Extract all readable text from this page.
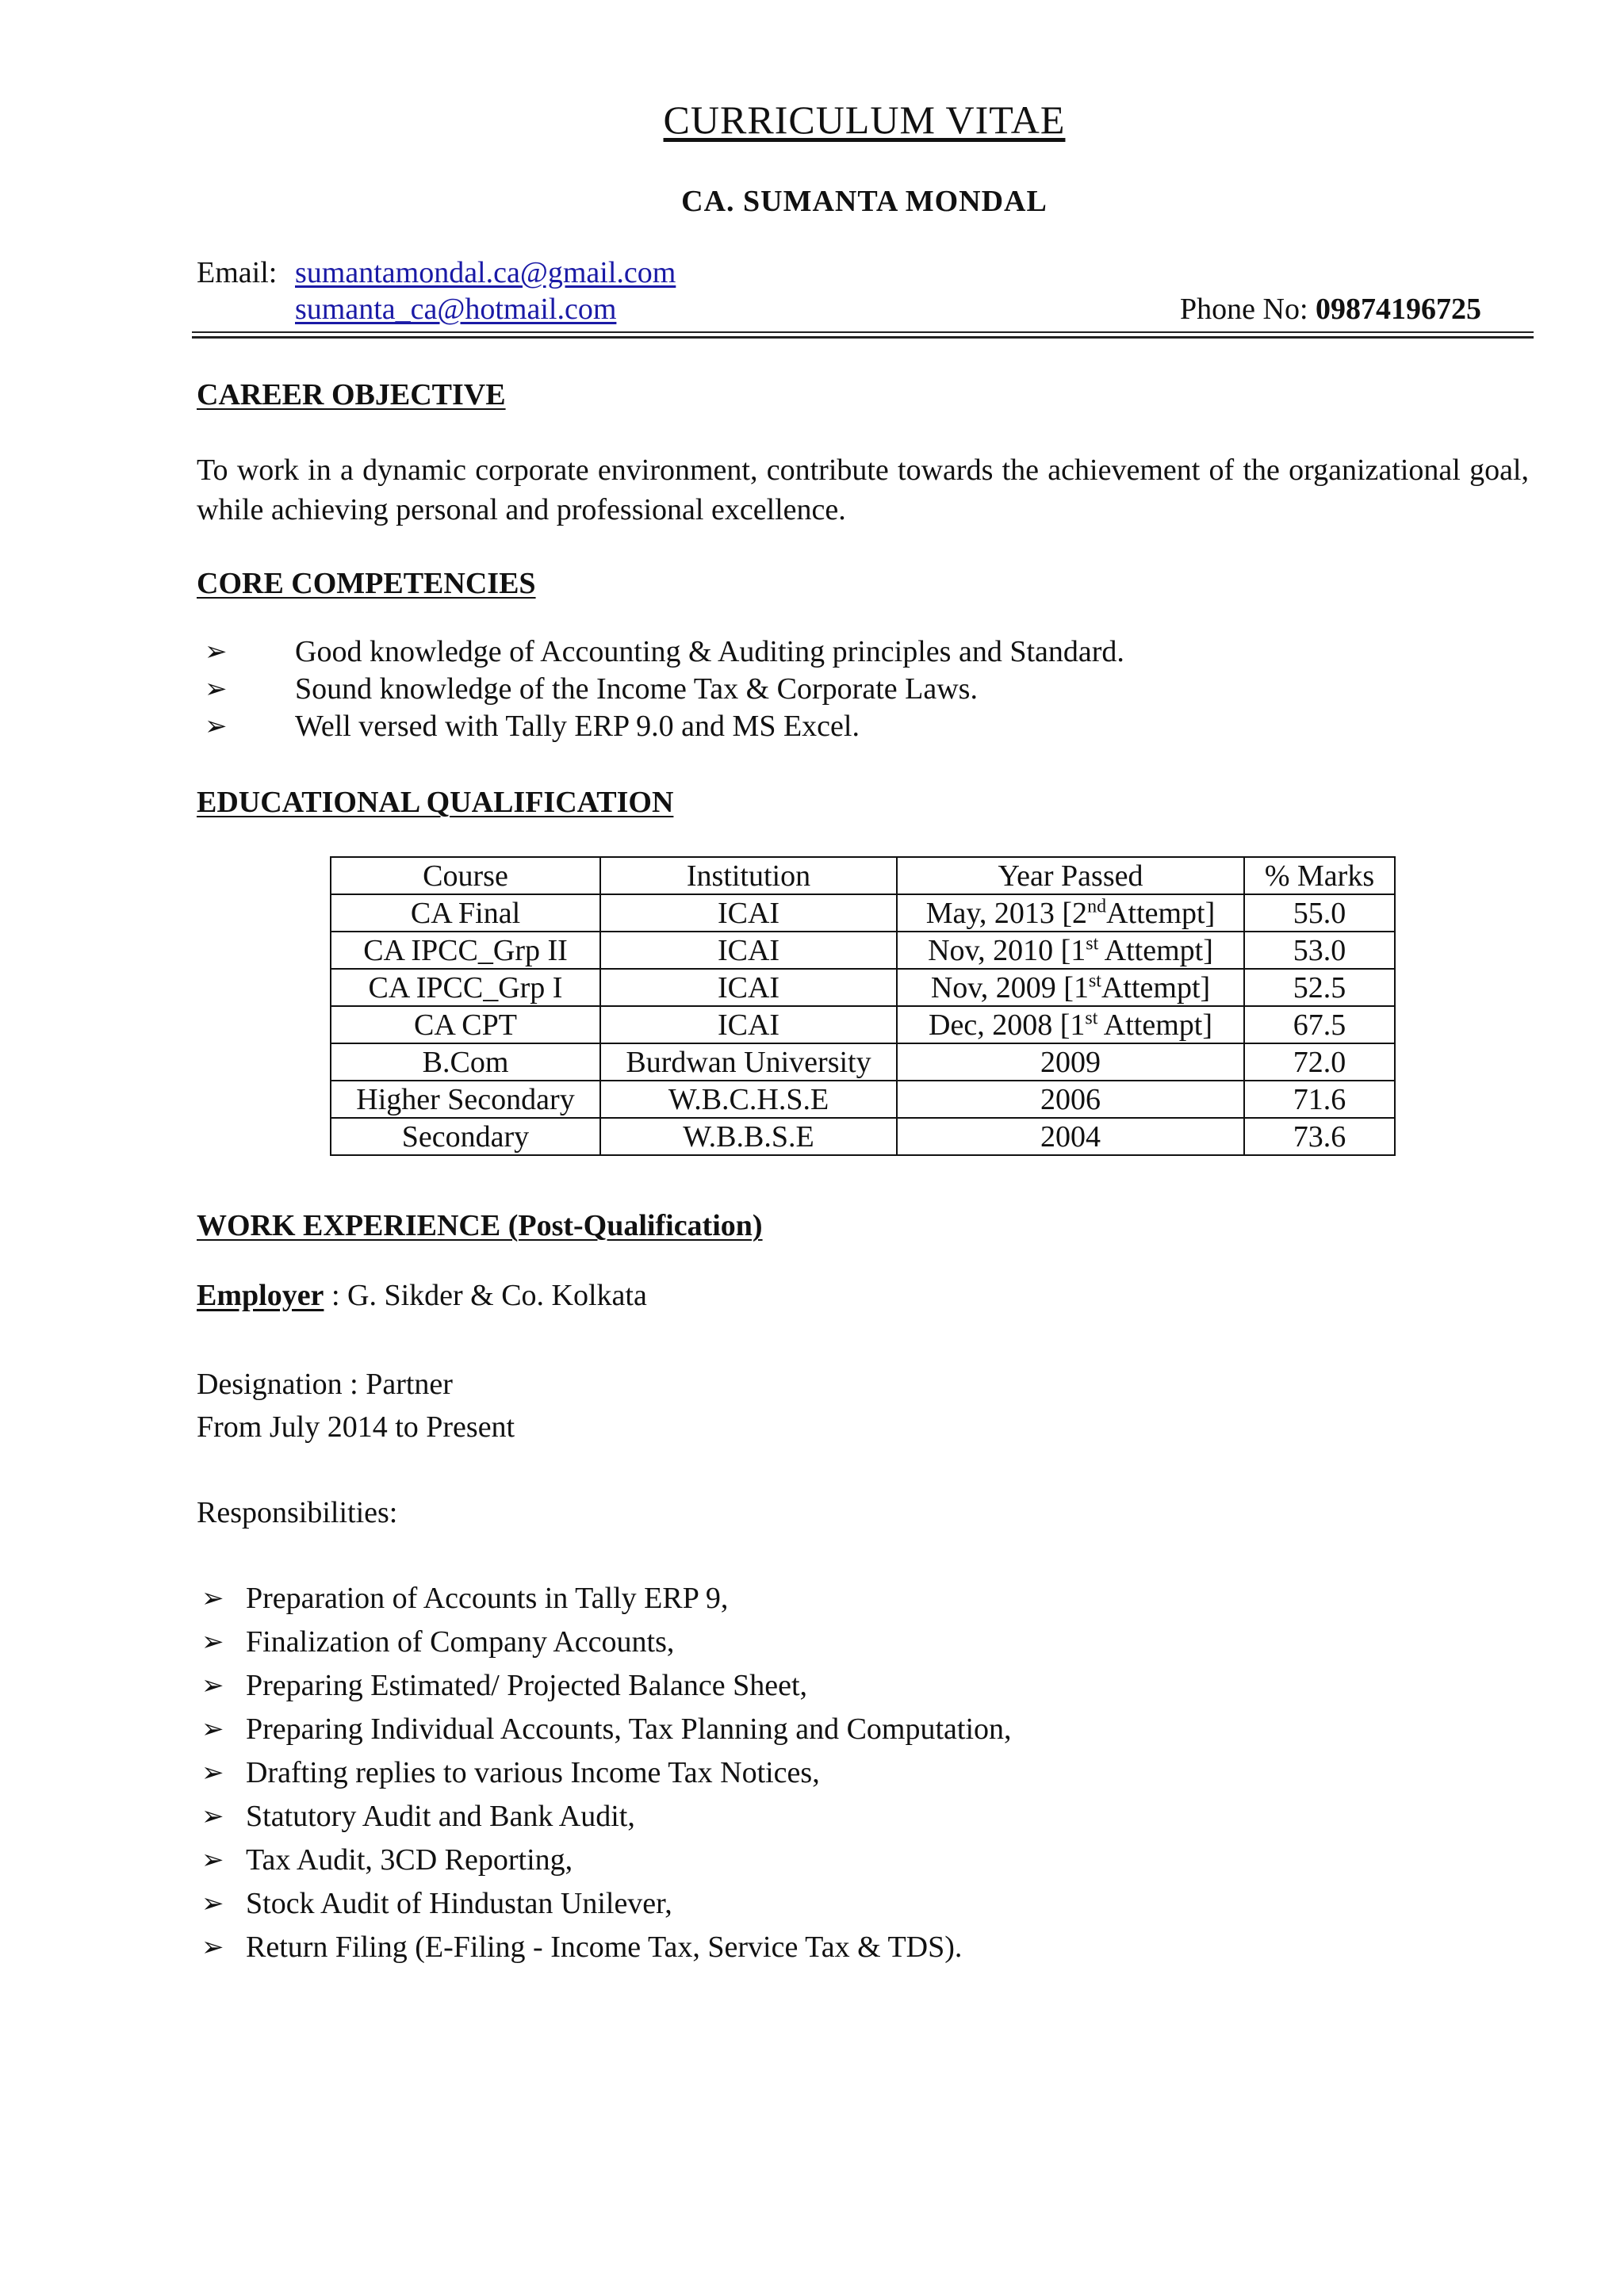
CURRICULUM VITAE
CA. SUMANTA MONDAL
Email: sumantamondal.ca@gmail.com
sumanta_ca@hotmail.com	Phone No: 09874196725
CAREER OBJECTIVE
To work in a dynamic corporate environment, contribute towards the achievement of the organizational goal, while achieving personal and professional excellence.
CORE COMPETENCIES
➢ Good knowledge of Accounting & Auditing principles and Standard.
➢ Sound knowledge of the Income Tax & Corporate Laws.
➢ Well versed with Tally ERP 9.0 and MS Excel.
EDUCATIONAL QUALIFICATION
Course	Institution	Year Passed	% Marks
CA Final	ICAI	May, 2013 [2ndAttempt]	55.0
CA IPCC_Grp II	ICAI	Nov, 2010 [1st Attempt]	53.0
CA IPCC_Grp I	ICAI	Nov, 2009 [1stAttempt]	52.5
CA CPT	ICAI	Dec, 2008 [1st Attempt]	67.5
B.Com	Burdwan University	2009	72.0
Higher Secondary	W.B.C.H.S.E	2006	71.6
Secondary	W.B.B.S.E	2004	73.6
WORK EXPERIENCE (Post-Qualification)
Employer : G. Sikder & Co. Kolkata
Designation : Partner
From July 2014 to Present
Responsibilities:
➢ Preparation of Accounts in Tally ERP 9,
➢ Finalization of Company Accounts,
➢ Preparing Estimated/ Projected Balance Sheet,
➢ Preparing Individual Accounts, Tax Planning and Computation,
➢ Drafting replies to various Income Tax Notices,
➢ Statutory Audit and Bank Audit,
➢ Tax Audit, 3CD Reporting,
➢ Stock Audit of Hindustan Unilever,
➢ Return Filing (E-Filing - Income Tax, Service Tax & TDS).
